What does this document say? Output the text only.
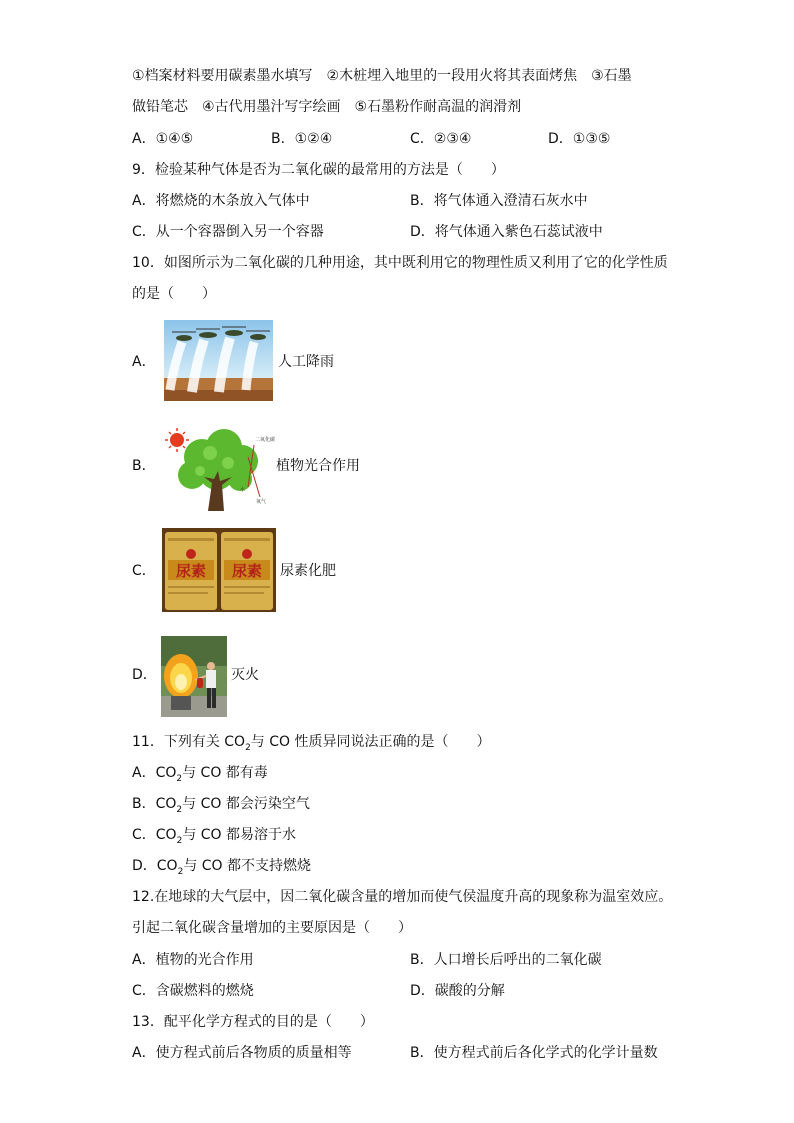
①档案材料要用碳素墨水填写　②木桩埋入地里的一段用火将其表面烤焦　③石墨
做铅笔芯　④古代用墨汁写字绘画　⑤石墨粉作耐高温的润滑剂
A．①④⑤	B．①②④	C．②③④	D．①③⑤
9．检验某种气体是否为二氧化碳的最常用的方法是（　　）
A．将燃烧的木条放入气体中	B．将气体通入澄清石灰水中
C．从一个容器倒入另一个容器	D．将气体通入紫色石蕊试液中
10．如图所示为二氧化碳的几种用途，其中既利用它的物理性质又利用了它的化学性质
的是（　　）
A．	人工降雨
B．
二氧化碳
水
氧气
植物光合作用
C． 尿素 尿素 尿素化肥
D．	灭火
11．下列有关 $CO_2$与 CO 性质异同说法正确的是（　　）
A．$CO_2$与 CO 都有毒
B．$CO_2$与 CO 都会污染空气
C．$CO_2$与 CO 都易溶于水
D．$CO_2$与 CO 都不支持燃烧
12.在地球的大气层中，因二氧化碳含量的增加而使气侯温度升高的现象称为温室效应。
引起二氧化碳含量增加的主要原因是（　　）
A．植物的光合作用	B．人口增长后呼出的二氧化碳
C．含碳燃料的燃烧	D．碳酸的分解
13．配平化学方程式的目的是（　　）
A．使方程式前后各物质的质量相等	B．使方程式前后各化学式的化学计量数
